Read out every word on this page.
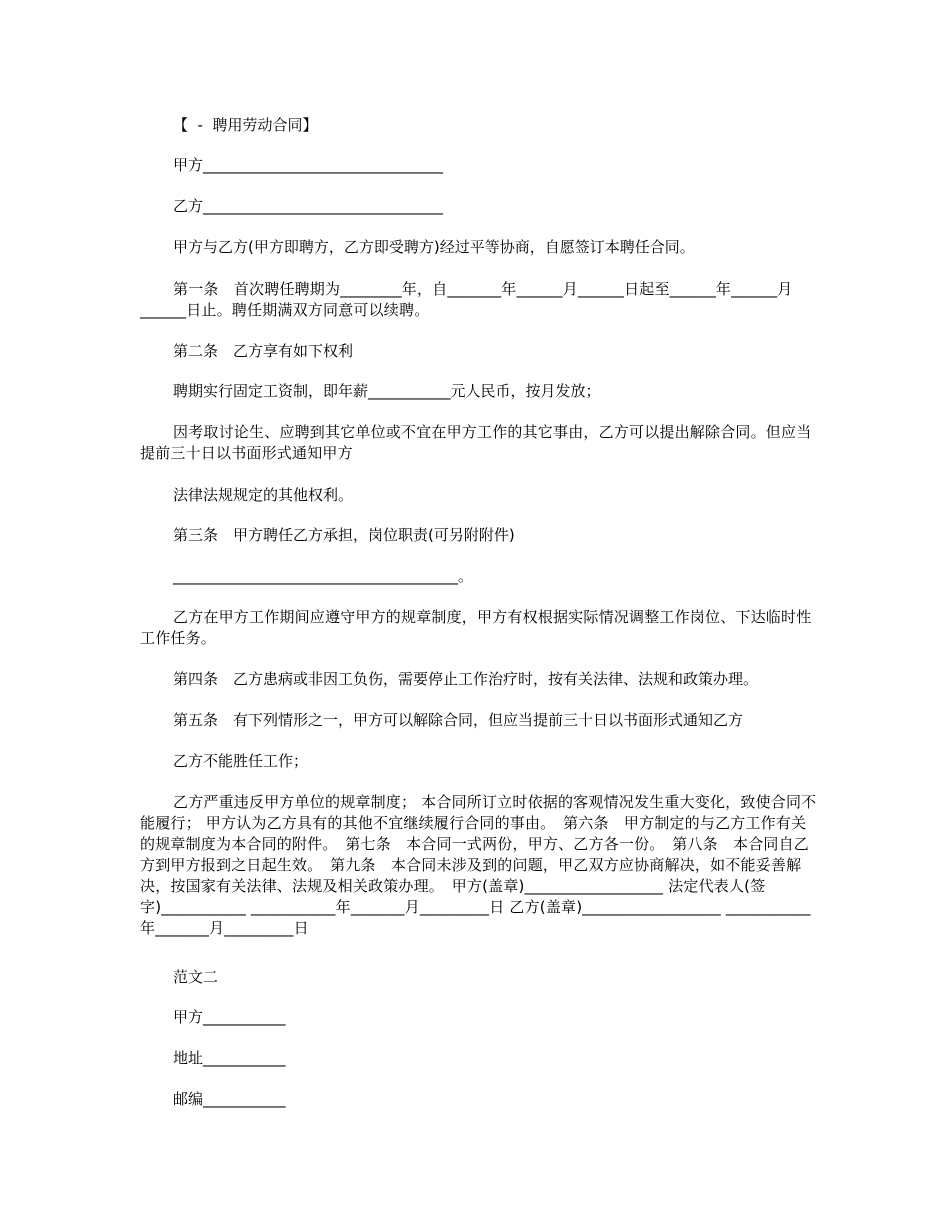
【  -  聘用劳动合同】
甲方________________________________
乙方________________________________
甲方与乙方(甲方即聘方，乙方即受聘方)经过平等协商，自愿签订本聘任合同。
第一条　首次聘任聘期为________年，自_______年______月______日起至______年______月______日止。聘任期满双方同意可以续聘。
第二条　乙方享有如下权利
聘期实行固定工资制，即年薪___________元人民币，按月发放；
因考取讨论生、应聘到其它单位或不宜在甲方工作的其它事由，乙方可以提出解除合同。但应当提前三十日以书面形式通知甲方
法律法规规定的其他权利。
第三条　甲方聘任乙方承担，岗位职责(可另附附件)
______________________________________。
乙方在甲方工作期间应遵守甲方的规章制度，甲方有权根据实际情况调整工作岗位、下达临时性工作任务。
第四条　乙方患病或非因工负伤，需要停止工作治疗时，按有关法律、法规和政策办理。
第五条　有下列情形之一，甲方可以解除合同，但应当提前三十日以书面形式通知乙方
乙方不能胜任工作；
乙方严重违反甲方单位的规章制度； 本合同所订立时依据的客观情况发生重大变化，致使合同不能履行； 甲方认为乙方具有的其他不宜继续履行合同的事由。　第六条　甲方制定的与乙方工作有关的规章制度为本合同的附件。　第七条　本合同一式两份，甲方、乙方各一份。　第八条　本合同自乙方到甲方报到之日起生效。　第九条　本合同未涉及到的问题，甲乙双方应协商解决，如不能妥善解决，按国家有关法律、法规及相关政策办理。　甲方(盖章)__________________ 法定代表人(签字)___________ ___________年_______月_________日 乙方(盖章)__________________ ___________年_______月_________日
范文二
甲方___________
地址___________
邮编___________
